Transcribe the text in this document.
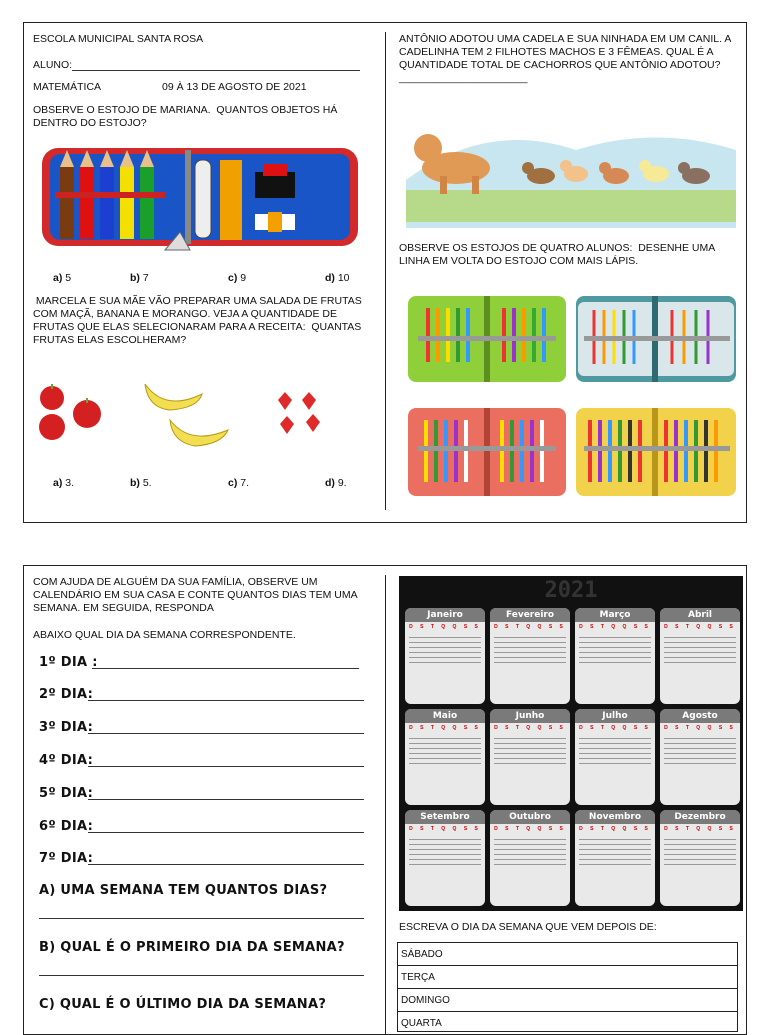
ESCOLA MUNICIPAL SANTA ROSA
ALUNO:
MATEMÁTICA	09 À 13 DE AGOSTO DE 2021
OBSERVE O ESTOJO DE MARIANA.  QUANTOS OBJETOS HÁ DENTRO DO ESTOJO?
a) 5	b) 7	c) 9	d) 10
MARCELA E SUA MÃE VÃO PREPARAR UMA SALADA DE FRUTAS COM MAÇÃ, BANANA E MORANGO. VEJA A QUANTIDADE DE FRUTAS QUE ELAS SELECIONARAM PARA A RECEITA:  QUANTAS FRUTAS ELAS ESCOLHERAM?
a) 3.	b) 5.	c) 7.	d) 9.
ANTÔNIO ADOTOU UMA CADELA E SUA NINHADA EM UM CANIL. A CADELINHA TEM 2 FILHOTES MACHOS E 3 FÊMEAS. QUAL É A QUANTIDADE TOTAL DE CACHORROS QUE ANTÔNIO ADOTOU? ______________________
OBSERVE OS ESTOJOS DE QUATRO ALUNOS:  DESENHE UMA LINHA EM VOLTA DO ESTOJO COM MAIS LÁPIS.
COM AJUDA DE ALGUÉM DA SUA FAMÍLIA, OBSERVE UM CALENDÁRIO EM SUA CASA E CONTE QUANTOS DIAS TEM UMA SEMANA. EM SEGUIDA, RESPONDA
ABAIXO QUAL DIA DA SEMANA CORRESPONDENTE.
1º DIA :
2º DIA:
3º DIA:
4º DIA:
5º DIA:
6º DIA:
7º DIA:
A) UMA SEMANA TEM QUANTOS DIAS?
B) QUAL É O PRIMEIRO DIA DA SEMANA?
C) QUAL É O ÚLTIMO DIA DA SEMANA?
2021
Janeiro
D S T Q Q S S
Fevereiro
D S T Q Q S S
Março
D S T Q Q S S
Abril
D S T Q Q S S
Maio
D S T Q Q S S
Junho
D S T Q Q S S
Julho
D S T Q Q S S
Agosto
D S T Q Q S S
Setembro
D S T Q Q S S
Outubro
D S T Q Q S S
Novembro
D S T Q Q S S
Dezembro
D S T Q Q S S
ESCREVA O DIA DA SEMANA QUE VEM DEPOIS DE:
SÁBADO
TERÇA
DOMINGO
QUARTA
